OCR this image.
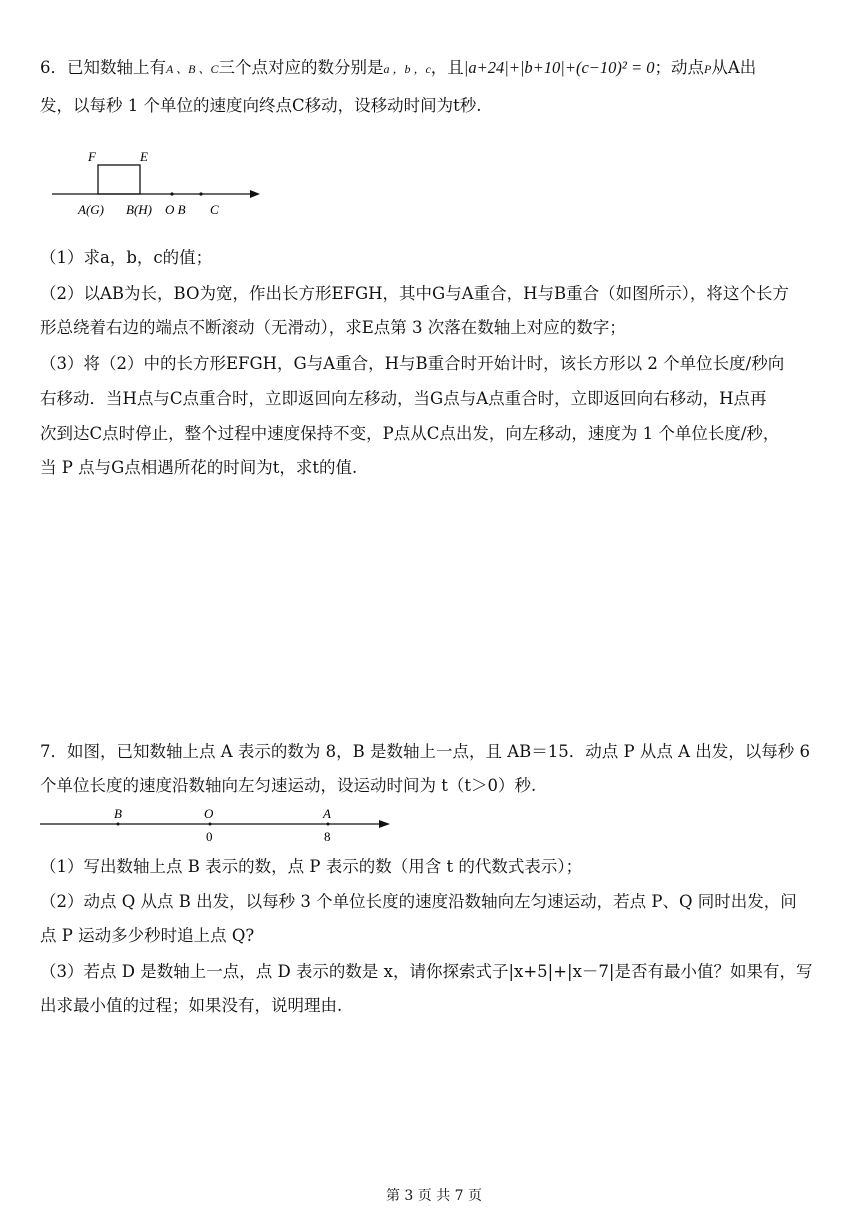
6．已知数轴上有A 、B 、C三个点对应的数分别是a ，b ，c，且|a+24|+|b+10|+(c−10)² = 0；动点P从A出
发，以每秒 1 个单位的速度向终点C移动，设移动时间为t秒.
F	E
A(G) B(H) O B C
（1）求a，b，c的值；
（2）以AB为长，BO为宽，作出长方形EFGH，其中G与A重合，H与B重合（如图所示），将这个长方
形总绕着右边的端点不断滚动（无滑动），求E点第 3 次落在数轴上对应的数字；
（3）将（2）中的长方形EFGH，G与A重合，H与B重合时开始计时，该长方形以 2 个单位长度/秒向
右移动．当H点与C点重合时，立即返回向左移动，当G点与A点重合时，立即返回向右移动，H点再
次到达C点时停止，整个过程中速度保持不变，P点从C点出发，向左移动，速度为 1 个单位长度/秒，
当 P 点与G点相遇所花的时间为t，求t的值.
7．如图，已知数轴上点 A 表示的数为 8，B 是数轴上一点，且 AB＝15．动点 P 从点 A 出发，以每秒 6
个单位长度的速度沿数轴向左匀速运动，设运动时间为 t（t＞0）秒.
B	O	A
0	8
（1）写出数轴上点 B 表示的数，点 P 表示的数（用含 t 的代数式表示）；
（2）动点 Q 从点 B 出发，以每秒 3 个单位长度的速度沿数轴向左匀速运动，若点 P、Q 同时出发，问
点 P 运动多少秒时追上点 Q?
（3）若点 D 是数轴上一点，点 D 表示的数是 x，请你探索式子|x+5|+|x－7|是否有最小值？如果有，写
出求最小值的过程；如果没有，说明理由.
第 3 页 共 7 页
